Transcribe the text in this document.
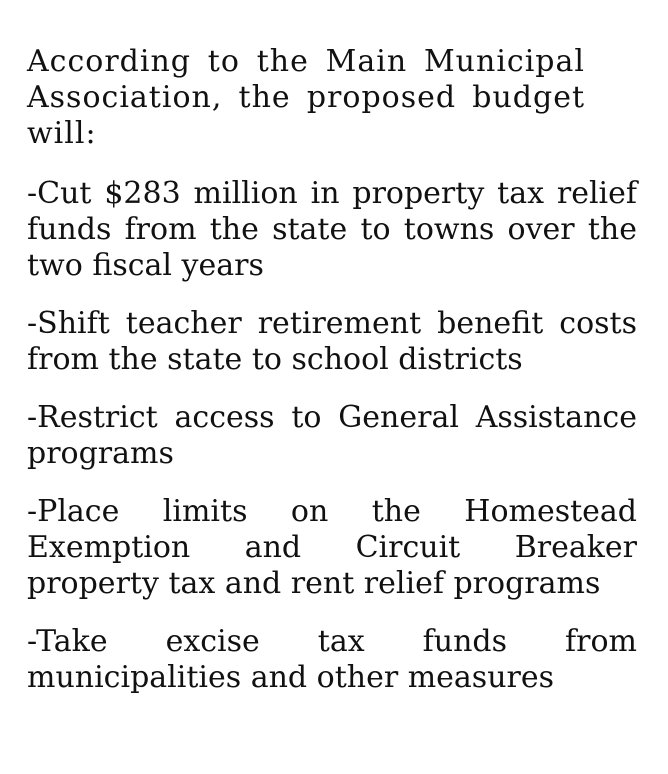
According to the Main Municipal Association, the proposed budget will:

-Cut $283 million in property tax relief funds from the state to towns over the two fiscal years

-Shift teacher retirement benefit costs from the state to school districts

-Restrict access to General Assistance programs

-Place limits on the Homestead Exemption and Circuit Breaker property tax and rent relief programs

-Take excise tax funds from municipalities and other measures
